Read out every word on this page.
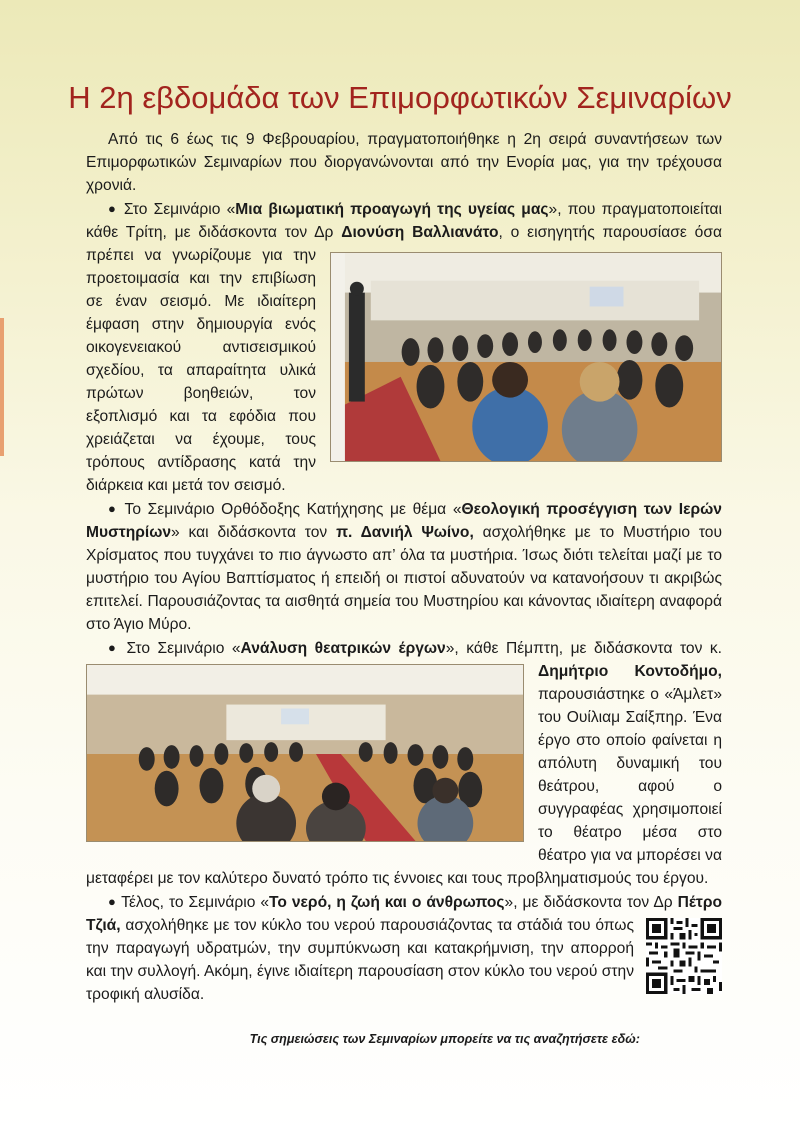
Η 2η εβδομάδα των Επιμορφωτικών Σεμιναρίων

Από τις 6 έως τις 9 Φεβρουαρίου, πραγματοποιήθηκε η 2η σειρά συναντήσεων των Επιμορφωτικών Σεμιναρίων που διοργανώνονται από την Ενορία μας, για την τρέχουσα χρονιά.

● Στο Σεμινάριο «Μια βιωματική προαγωγή της υγείας μας», που πραγματοποιείται κάθε Τρίτη, με διδάσκοντα τον Δρ Διονύση Βαλλιανάτο
, ο εισηγητής παρουσίασε όσα πρέπει να γνωρίζουμε για την προετοιμασία και την επιβίωση σε έναν σεισμό. Με ιδιαίτερη έμφαση στην δημιουργία ενός οικογενειακού αντισεισμικού σχεδίου, τα απαραίτητα υλικά πρώτων βοηθειών, τον εξοπλισμό και τα εφόδια που χρειάζεται να έχουμε, τους τρόπους αντίδρασης κατά την διάρκεια και μετά τον σεισμό.

● Το Σεμινάριο Ορθόδοξης Κατήχησης με θέμα «Θεολογική προσέγγιση των Ιερών Μυστηρίων» και διδάσκοντα τον π. Δανιήλ Ψωίνο, ασχολήθηκε με το Μυστήριο του Χρίσματος που τυγχάνει το πιο άγνωστο απ’ όλα τα μυστήρια. Ίσως διότι τελείται μαζί με το μυστήριο του Αγίου Βαπτίσματος ή επειδή οι πιστοί αδυνατούν να κατανοήσουν τι ακριβώς επιτελεί. Παρουσιάζοντας τα αισθητά σημεία του Μυστηρίου και κάνοντας ιδιαίτερη αναφορά στο Άγιο Μύρο.

● Στο Σεμινάριο «Ανάλυση θεατρικών έργων
», κάθε Πέμπτη, με διδάσκοντα τον κ. Δημήτριο Κοντοδήμο, παρουσιάστηκε ο «Άμλετ» του Ουίλιαμ Σαίξπηρ. Ένα έργο στο οποίο φαίνεται η απόλυτη δυναμική του θεάτρου, αφού ο συγγραφέας χρησιμοποιεί το θέατρο μέσα στο θέατρο για να μπορέσει να μεταφέρει με τον καλύτερο δυνατό τρόπο τις έννοιες και τους προβληματισμούς του έργου.

● Τέλος, το Σεμινάριο «Το νερό, η ζωή και ο άνθρωπος», με διδάσκοντα τον Δρ Πέτρο Τζιά,
ασχολήθηκε με τον κύκλο του νερού παρουσιάζοντας τα στάδιά του όπως την παραγωγή υδρατμών, την συμπύκνωση και κατακρήμνιση, την απορροή και την συλλογή. Ακόμη, έγινε ιδιαίτερη παρουσίαση στον κύκλο του νερού στην τροφική αλυσίδα.

Τις σημειώσεις των Σεμιναρίων μπορείτε να τις αναζητήσετε εδώ:
